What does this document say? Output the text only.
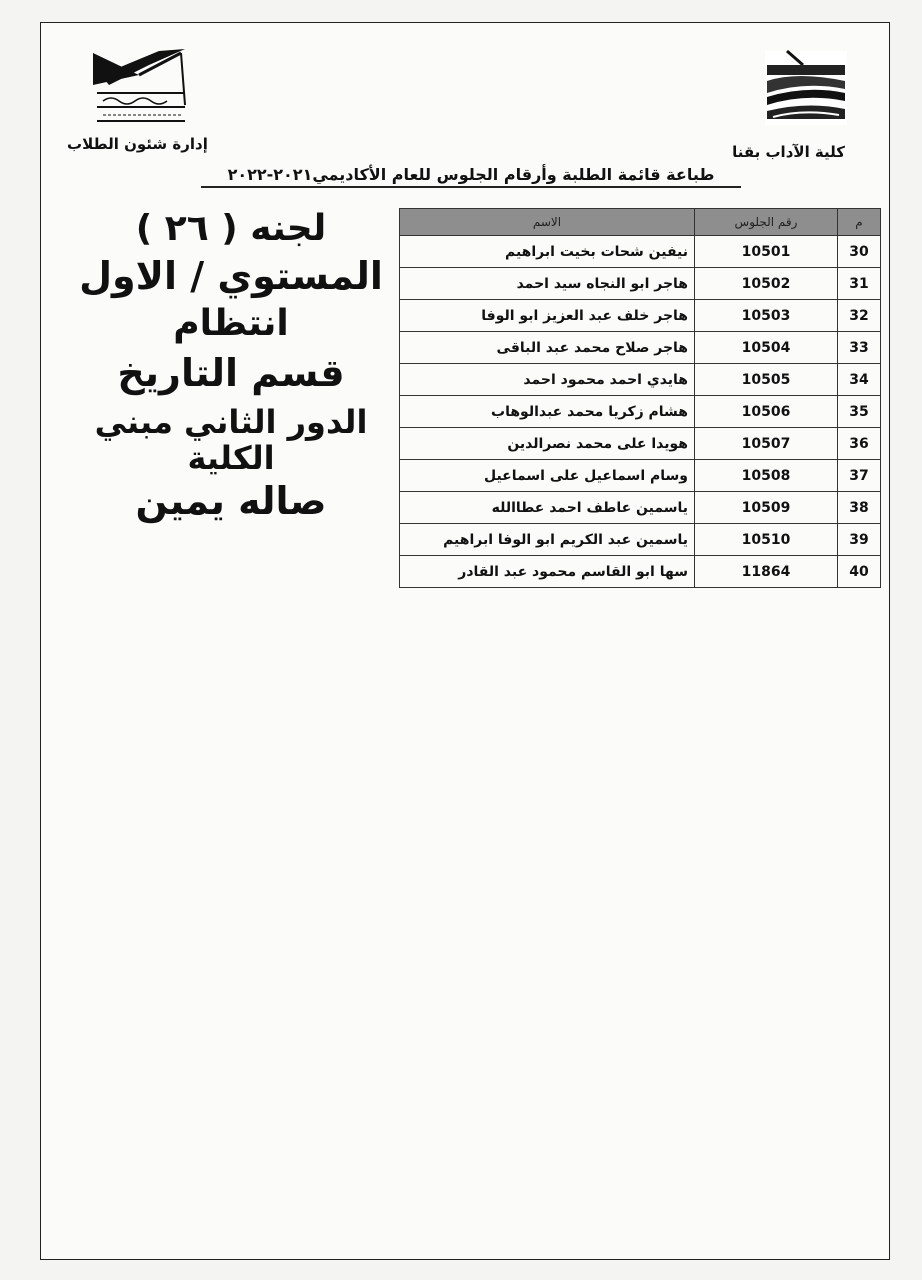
إدارة شئون الطلاب	كلية الآداب بقنا
طباعة قائمة الطلبة وأرقام الجلوس للعام الأكاديمي٢٠٢١-٢٠٢٢
لجنه ( ٢٦ )
المستوي / الاول
انتظام
قسم التاريخ
الدور الثاني مبني الكلية
صاله يمين
م	رقم الجلوس	الاسم
30	10501	نيفين شحات بخيت ابراهيم
31	10502	هاجر ابو النجاه سيد احمد
32	10503	هاجر خلف عبد العزيز ابو الوفا
33	10504	هاجر صلاح محمد عبد الباقى
34	10505	هايدي احمد محمود احمد
35	10506	هشام زكريا محمد عبدالوهاب
36	10507	هويدا على محمد نصرالدين
37	10508	وسام اسماعيل على اسماعيل
38	10509	ياسمين عاطف احمد عطاالله
39	10510	ياسمين عبد الكريم ابو الوفا ابراهيم
40	11864	سها ابو القاسم محمود عبد القادر
